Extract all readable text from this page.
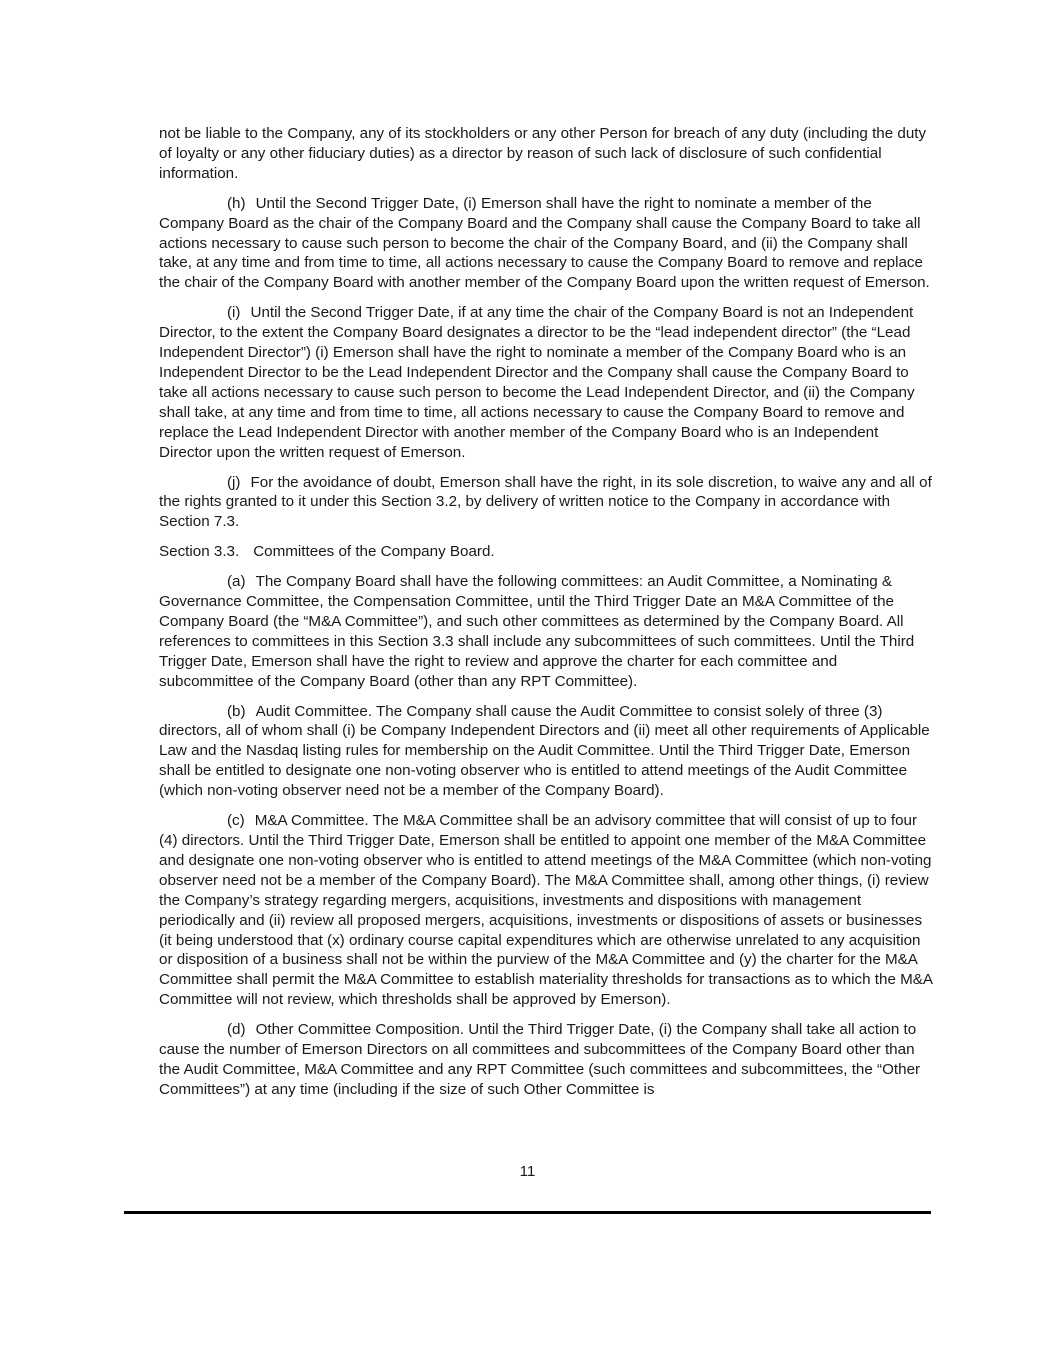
not be liable to the Company, any of its stockholders or any other Person for breach of any duty (including the duty of loyalty or any other fiduciary duties) as a director by reason of such lack of disclosure of such confidential information.

(h) Until the Second Trigger Date, (i) Emerson shall have the right to nominate a member of the Company Board as the chair of the Company Board and the Company shall cause the Company Board to take all actions necessary to cause such person to become the chair of the Company Board, and (ii) the Company shall take, at any time and from time to time, all actions necessary to cause the Company Board to remove and replace the chair of the Company Board with another member of the Company Board upon the written request of Emerson.

(i) Until the Second Trigger Date, if at any time the chair of the Company Board is not an Independent Director, to the extent the Company Board designates a director to be the “lead independent director” (the “Lead Independent Director”) (i) Emerson shall have the right to nominate a member of the Company Board who is an Independent Director to be the Lead Independent Director and the Company shall cause the Company Board to take all actions necessary to cause such person to become the Lead Independent Director, and (ii) the Company shall take, at any time and from time to time, all actions necessary to cause the Company Board to remove and replace the Lead Independent Director with another member of the Company Board who is an Independent Director upon the written request of Emerson.

(j) For the avoidance of doubt, Emerson shall have the right, in its sole discretion, to waive any and all of the rights granted to it under this Section 3.2, by delivery of written notice to the Company in accordance with Section 7.3.

Section 3.3. Committees of the Company Board.

(a) The Company Board shall have the following committees: an Audit Committee, a Nominating & Governance Committee, the Compensation Committee, until the Third Trigger Date an M&A Committee of the Company Board (the “M&A Committee”), and such other committees as determined by the Company Board. All references to committees in this Section 3.3 shall include any subcommittees of such committees. Until the Third Trigger Date, Emerson shall have the right to review and approve the charter for each committee and subcommittee of the Company Board (other than any RPT Committee).

(b) Audit Committee. The Company shall cause the Audit Committee to consist solely of three (3) directors, all of whom shall (i) be Company Independent Directors and (ii) meet all other requirements of Applicable Law and the Nasdaq listing rules for membership on the Audit Committee. Until the Third Trigger Date, Emerson shall be entitled to designate one non-voting observer who is entitled to attend meetings of the Audit Committee (which non-voting observer need not be a member of the Company Board).

(c) M&A Committee. The M&A Committee shall be an advisory committee that will consist of up to four (4) directors. Until the Third Trigger Date, Emerson shall be entitled to appoint one member of the M&A Committee and designate one non-voting observer who is entitled to attend meetings of the M&A Committee (which non-voting observer need not be a member of the Company Board). The M&A Committee shall, among other things, (i) review the Company’s strategy regarding mergers, acquisitions, investments and dispositions with management periodically and (ii) review all proposed mergers, acquisitions, investments or dispositions of assets or businesses (it being understood that (x) ordinary course capital expenditures which are otherwise unrelated to any acquisition or disposition of a business shall not be within the purview of the M&A Committee and (y) the charter for the M&A Committee shall permit the M&A Committee to establish materiality thresholds for transactions as to which the M&A Committee will not review, which thresholds shall be approved by Emerson).

(d) Other Committee Composition. Until the Third Trigger Date, (i) the Company shall take all action to cause the number of Emerson Directors on all committees and subcommittees of the Company Board other than the Audit Committee, M&A Committee and any RPT Committee (such committees and subcommittees, the “Other Committees”) at any time (including if the size of such Other Committee is

11
